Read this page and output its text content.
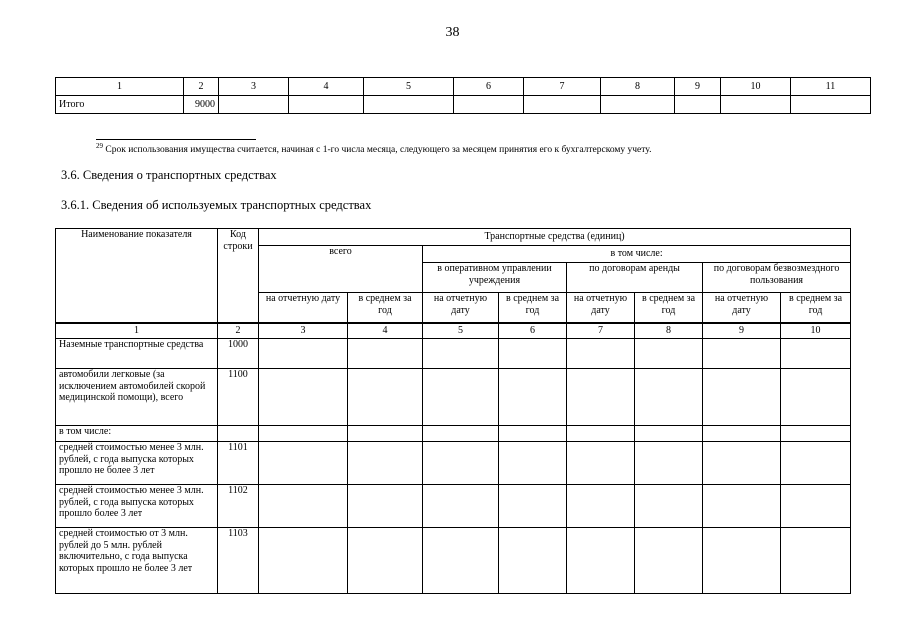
38
1	2	3	4	5	6	7	8	9	10	11
Итого	9000									
$^{29}$ Срок использования имущества считается, начиная с 1-го числа месяца, следующего за месяцем принятия его к бухгалтерскому учету.
3.6. Сведения о транспортных средствах
3.6.1. Сведения об используемых транспортных средствах
Наименование показателя	Код строки	Транспортные средства (единиц)							
		всего		в том числе:					
				в оперативном управлении учреждения		по договорам аренды		по договорам безвозмездного пользования	
		на отчетную дату	в среднем за год	на отчетную дату	в среднем за год	на отчетную дату	в среднем за год	на отчетную дату	в среднем за год
1	2	3	4	5	6	7	8	9	10
Наземные транспортные средства	1000								
автомобили легковые (за исключением автомобилей скорой медицинской помощи), всего	1100								
в том числе:									
средней стоимостью менее 3 млн. рублей, с года выпуска которых прошло не более 3 лет	1101								
средней стоимостью менее 3 млн. рублей, с года выпуска которых прошло более 3 лет	1102								
средней стоимостью от 3 млн. рублей до 5 млн. рублей включительно, с года выпуска которых прошло не более 3 лет	1103								
